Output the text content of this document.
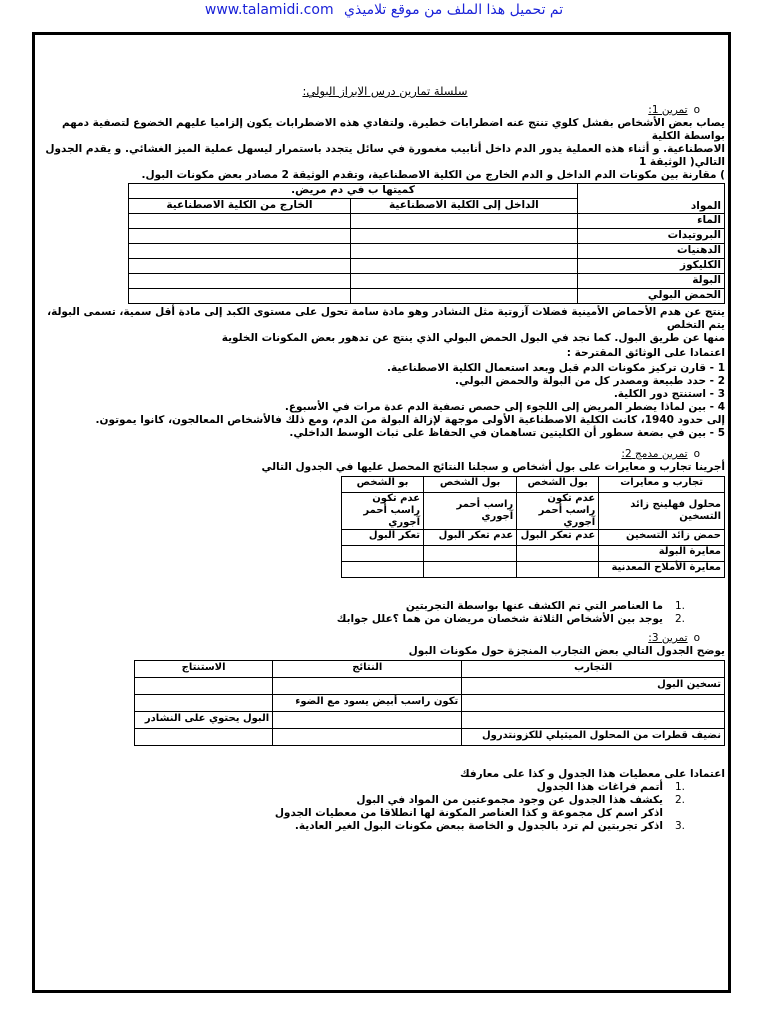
www.talamidi.com تم تحميل هذا الملف من موقع تلاميذي
سلسلة تمارين درس الابراز البولي:
o
تمرين 1:

يصاب بعض الأشخاص بفشل كلوي تنتج عنه اضطرابات خطيرة. ولتفادي هذه الاضطرابات يكون إلزاميا عليهم الخضوع لتصفية دمهم بواسطة الكلية

الاصطناعية. و أثناء هذه العملية يدور الدم داخل أنابيب مغمورة في سائل يتجدد باستمرار ليسهل عملية الميز الغشائي. و يقدم الجدول التالي( الوثيقة 1

) مقارنة بين مكونات الدم الداخل و الدم الخارج من الكلية الاصطناعية، وتقدم الوثيقة 2 مصادر بعض مكونات البول.

المواد	كميتها ب في دم مريض.	
	الداخل إلى الكلية الاصطناعية	الخارج من الكلية الاصطناعية
الماء		
البروتيدات		
الدهنيات		
الكليكوز		
البولة		
الحمض البولي		

ينتج عن هدم الأحماض الأمينية فضلات آزوتية مثل النشادر وهو مادة سامة تحول على مستوى الكبد إلى مادة أقل سمية، تسمى البولة، يتم التخلص

منها عن طريق البول. كما نجد في البول الحمض البولي الذي ينتج عن تدهور بعض المكونات الخلوية

اعتمادا على الوثائق المقترحة :

1 - قارن تركيز مكونات الدم قبل وبعد استعمال الكلية الاصطناعية.

2 - حدد طبيعة ومصدر كل من البولة والحمض البولي.

3 - استنتج دور الكلية.

4 - بين لماذا يضطر المريض إلى اللجوء إلى حصص تصفية الدم عدة مرات في الأسبوع.

إلى حدود 1940، كانت الكلية الاصطناعية الأولى موجهة لإزالة البولة من الدم، ومع ذلك فالأشخاص المعالجون، كانوا يموتون.

5 - بين في بضعة سطور أن الكليتين تساهمان في الحفاظ على ثبات الوسط الداخلي.

o
تمرين مدمج 2:

أجرينا تجارب و معايرات على بول أشخاص و سجلنا النتائج المحصل عليها في الجدول التالي

تجارب و معايرات	بول الشخص	بول الشخص	بو الشخص
محلول فهلينج زائد التسخين	عدم تكون راسب أحمر آجوري	راسب أحمر آجوري	عدم تكون راسب أحمر آجوري
حمض زائد التسخين	عدم تعكر البول	عدم تعكر البول	تعكر البول
معايرة البولة			
معايرة الأملاح المعدنية			
.1
ما العناصر التي تم الكشف عنها بواسطة التجربتين
.2
يوجد بين الأشخاص الثلاثة شخصان مريضان من هما ؟علل جوابك
o
تمرين 3:

يوضح الجدول التالي بعض التجارب المنجزة حول مكونات البول

التجارب	النتائج	الاستنتاج
تسخين البول		
	تكون راسب أبيض يسود مع الضوء	
		البول يحتوي على النشادر
نضيف قطرات من المحلول الميثيلي للكزونتدرول		

اعتمادا على معطيات هذا الجدول و كذا على معارفك

.1
أتمم فراغات هذا الجدول
.2
يكشف هذا الجدول عن وجود مجموعتين من المواد في البول
اذكر اسم كل مجموعة و كذا العناصر المكونة لها انطلاقا من معطيات الجدول
.3
اذكر تجربتين لم ترد بالجدول و الخاصة ببعض مكونات البول الغير العادية.
